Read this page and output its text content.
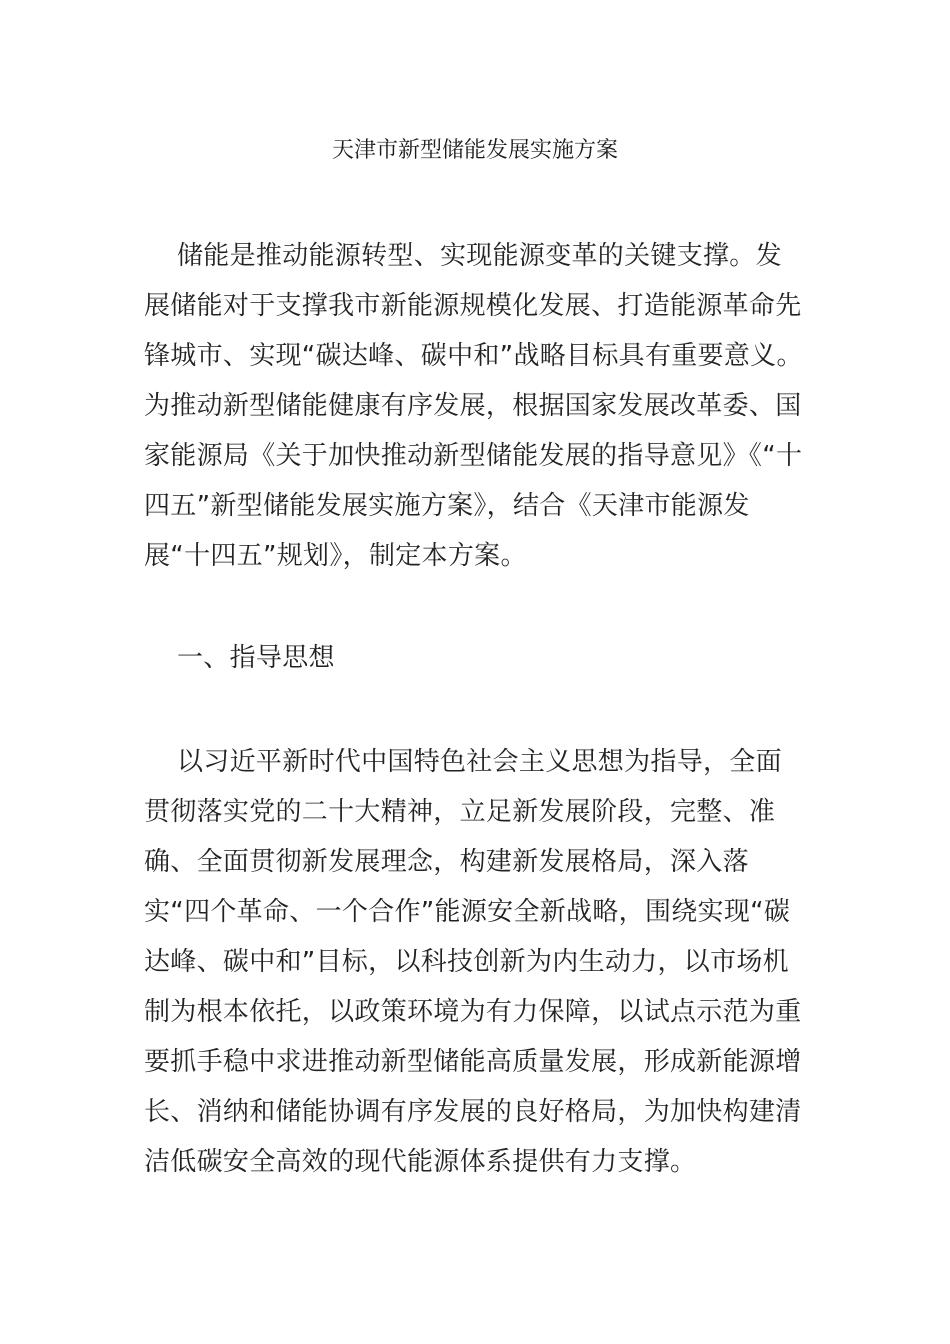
天津市新型储能发展实施方案

储能是推动能源转型、实现能源变革的关键支撑。发展储能对于支撑我市新能源规模化发展、打造能源革命先锋城市、实现“碳达峰、碳中和”战略目标具有重要意义。为推动新型储能健康有序发展，根据国家发展改革委、国家能源局《关于加快推动新型储能发展的指导意见》《“十四五”新型储能发展实施方案》，结合《天津市能源发展“十四五”规划》，制定本方案。

一、指导思想

以习近平新时代中国特色社会主义思想为指导，全面贯彻落实党的二十大精神，立足新发展阶段，完整、准确、全面贯彻新发展理念，构建新发展格局，深入落实“四个革命、一个合作”能源安全新战略，围绕实现“碳达峰、碳中和”目标，以科技创新为内生动力，以市场机制为根本依托，以政策环境为有力保障，以试点示范为重要抓手稳中求进推动新型储能高质量发展，形成新能源增长、消纳和储能协调有序发展的良好格局，为加快构建清洁低碳安全高效的现代能源体系提供有力支撑。
